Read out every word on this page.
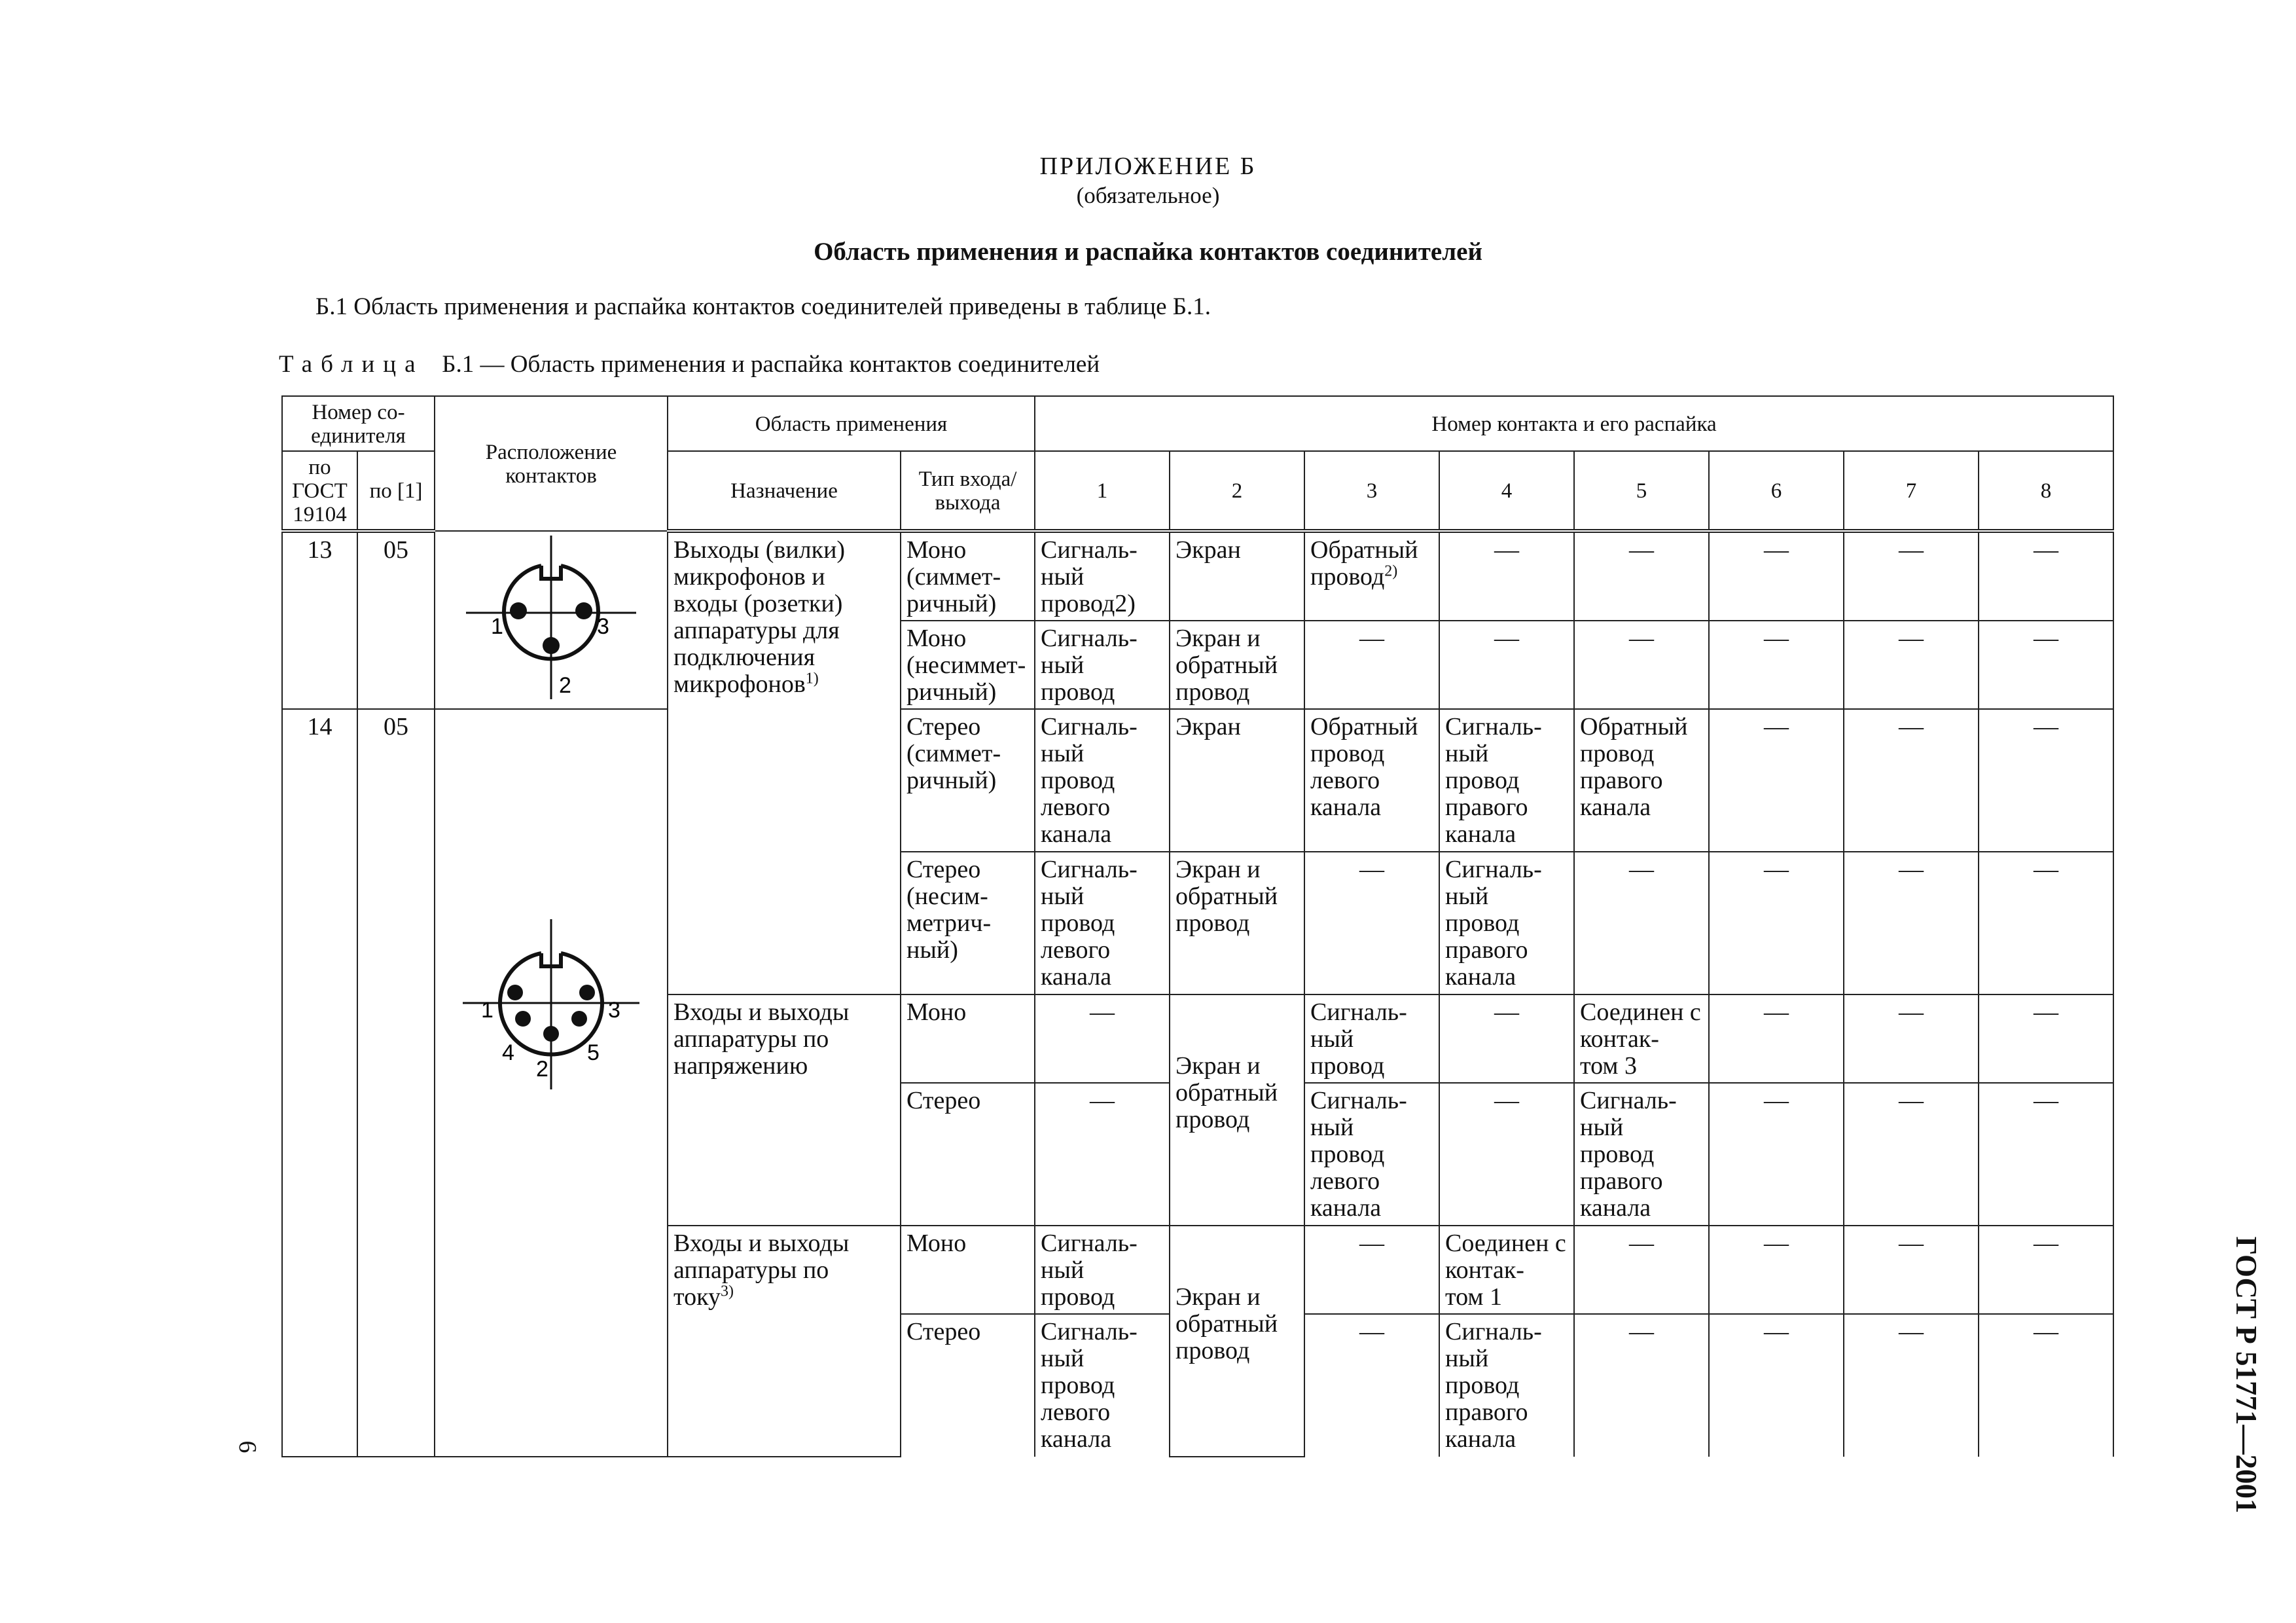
ПРИЛОЖЕНИЕ Б
(обязательное)
Область применения и распайка контактов соединителей
Б.1 Область применения и распайка контактов соединителей приведены в таблице Б.1.
Таблица Б.1 — Область применения и распайка контактов соединителей
Номер со- единителя		Расположение контактов	Область применения		Номер контакта и его распайка							
по ГОСТ 19104	по [1]		Назначение	Тип входа/ выхода	1	2	3	4	5	6	7	8
13	05	1
2
3	Выходы (вилки) микрофонов и входы (розетки) аппаратуры для подключения микрофонов$^{1)}$	Моно (симмет- ричный)	Сигналь- ный провод2)	Экран	Обратный провод$^{2)}$	—	—	—	—	—
				Моно (несиммет- ричный)	Сигналь- ный провод	Экран и обратный провод	—	—	—	—	—	—
14	05	1
2
3
4 5		Стерео (симмет- ричный)	Сигналь- ный провод левого канала	Экран	Обратный провод левого канала	Сигналь- ный провод правого канала	Обратный провод правого канала	—	—	—
				Стерео (несим- метрич- ный)	Сигналь- ный провод левого канала	Экран и обратный провод	—	Сигналь- ный провод правого канала	—	—	—	—
			Входы и выходы аппаратуры по напряжению	Моно	—	Экран и обратный провод	Сигналь- ный провод	—	Соединен с контак- том 3	—	—	—
				Стерео	—		Сигналь- ный провод левого канала	—	Сигналь- ный провод правого канала	—	—	—
			Входы и выходы аппаратуры по току$^{3)}$	Моно	Сигналь- ный провод	Экран и обратный провод	—	Соединен с контак- том 1	—	—	—	—
				Стерео	Сигналь- ный провод левого канала		—	Сигналь- ный провод правого канала	—	—	—	—
6	ГОСТ Р 51771—2001
